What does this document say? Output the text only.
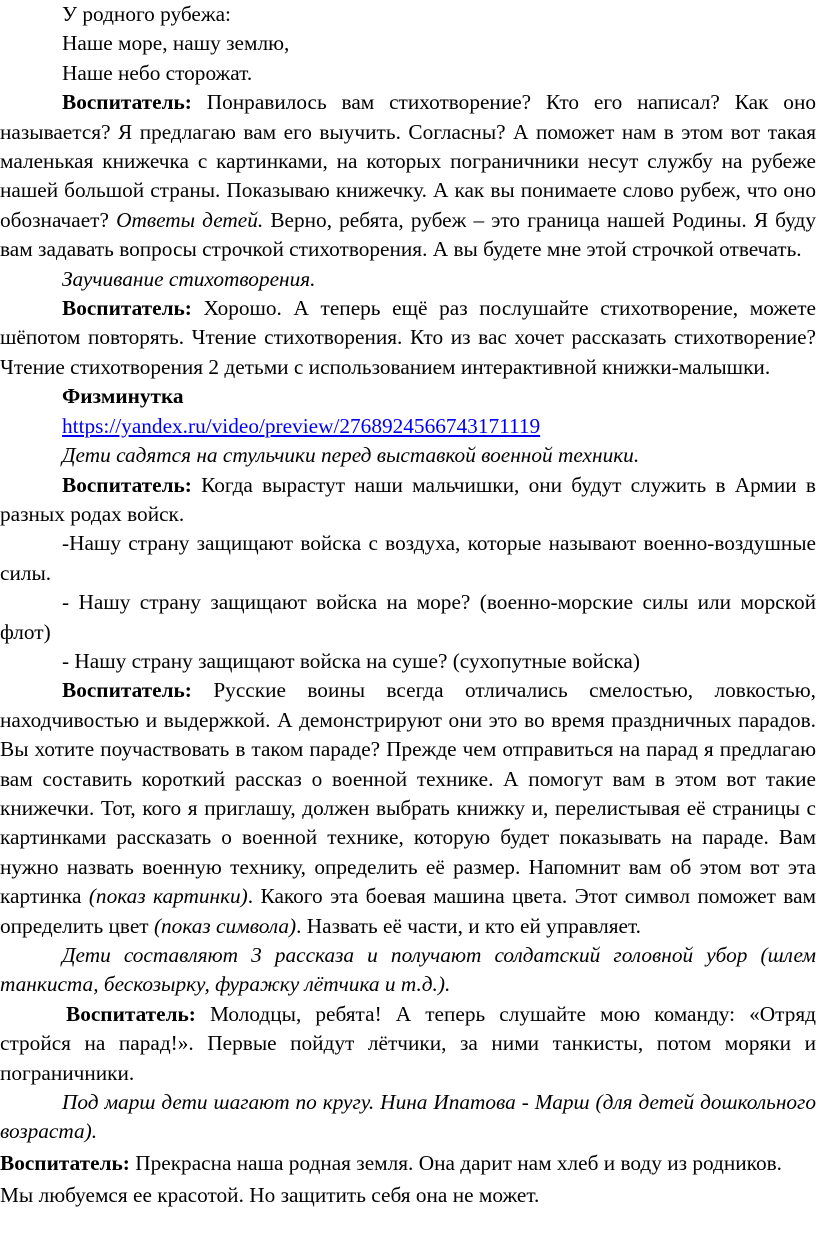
У родного рубежа:

Наше море, нашу землю,

Наше небо сторожат.

Воспитатель: Понравилось вам стихотворение? Кто его написал? Как оно называется? Я предлагаю вам его выучить. Согласны? А поможет нам в этом вот такая маленькая книжечка с картинками, на которых пограничники несут службу на рубеже нашей большой страны. Показываю книжечку. А как вы понимаете слово рубеж, что оно обозначает? Ответы детей. Верно, ребята, рубеж – это граница нашей Родины. Я буду вам задавать вопросы строчкой стихотворения. А вы будете мне этой строчкой отвечать.

Заучивание стихотворения.

Воспитатель: Хорошо. А теперь ещё раз послушайте стихотворение, можете шёпотом повторять. Чтение стихотворения. Кто из вас хочет рассказать стихотворение? Чтение стихотворения 2 детьми с использованием интерактивной книжки-малышки.

Физминутка

https://yandex.ru/video/preview/2768924566743171119

Дети садятся на стульчики перед выставкой военной техники.

Воспитатель: Когда вырастут наши мальчишки, они будут служить в Армии в разных родах войск.

-Нашу страну защищают войска с воздуха, которые называют военно-воздушные силы.

- Нашу страну защищают войска на море? (военно-морские силы или морской флот)

- Нашу страну защищают войска на суше? (сухопутные войска)

Воспитатель: Русские воины всегда отличались смелостью, ловкостью, находчивостью и выдержкой. А демонстрируют они это во время праздничных парадов. Вы хотите поучаствовать в таком параде? Прежде чем отправиться на парад я предлагаю вам составить короткий рассказ о военной технике. А помогут вам в этом вот такие книжечки. Тот, кого я приглашу, должен выбрать книжку и, перелистывая её страницы с картинками рассказать о военной технике, которую будет показывать на параде. Вам нужно назвать военную технику, определить её размер. Напомнит вам об этом вот эта картинка (показ картинки). Какого эта боевая машина цвета. Этот символ поможет вам определить цвет (показ символа). Назвать её части, и кто ей управляет.

Дети составляют 3 рассказа и получают солдатский головной убор (шлем танкиста, бескозырку, фуражку лётчика и т.д.).

Воспитатель: Молодцы, ребята! А теперь слушайте мою команду: «Отряд стройся на парад!». Первые пойдут лётчики, за ними танкисты, потом моряки и пограничники.

Под марш дети шагают по кругу. Нина Ипатова - Марш (для детей дошкольного возраста).

Воспитатель: Прекрасна наша родная земля. Она дарит нам хлеб и воду из родников. Мы любуемся ее красотой. Но защитить себя она не может.
